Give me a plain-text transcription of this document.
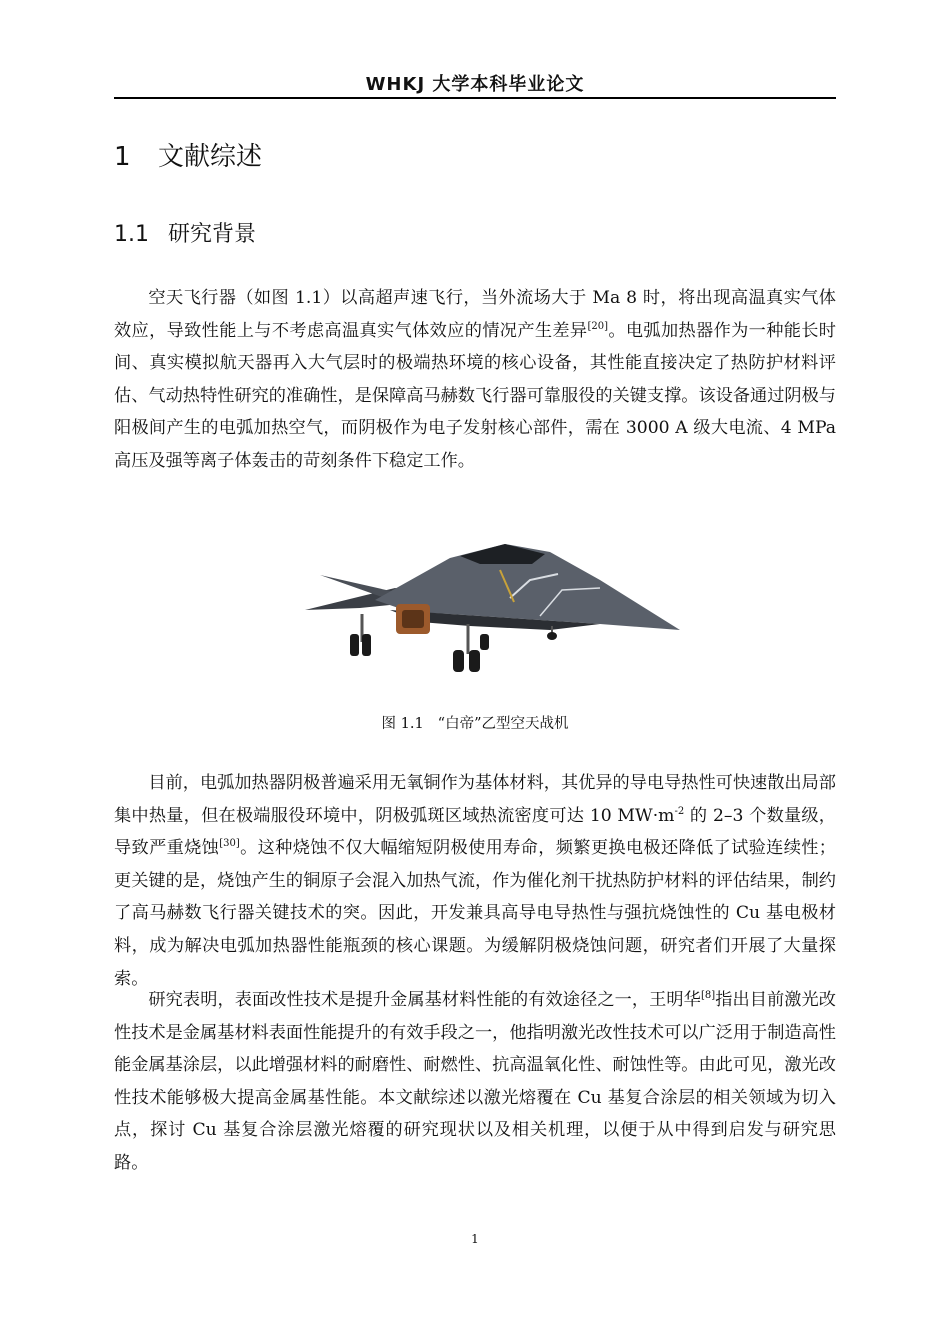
WHKJ 大学本科毕业论文
1 文献综述
1.1 研究背景

空天飞行器（如图 1.1）以高超声速飞行，当外流场大于 Ma 8 时，将出现高温真实气体效应，导致性能上与不考虑高温真实气体效应的情况产生差异[20]。电弧加热器作为一种能长时间、真实模拟航天器再入大气层时的极端热环境的核心设备，其性能直接决定了热防护材料评估、气动热特性研究的准确性，是保障高马赫数飞行器可靠服役的关键支撑。该设备通过阴极与阳极间产生的电弧加热空气，而阴极作为电子发射核心部件，需在 3000 A 级大电流、4 MPa 高压及强等离子体轰击的苛刻条件下稳定工作。

图 1.1 “白帝”乙型空天战机

目前，电弧加热器阴极普遍采用无氧铜作为基体材料，其优异的导电导热性可快速散出局部集中热量，但在极端服役环境中，阴极弧斑区域热流密度可达 10 $MW\cdot m^{-2}$ 的 2–3 个数量级，导致严重烧蚀[30]。这种烧蚀不仅大幅缩短阴极使用寿命，频繁更换电极还降低了试验连续性；更关键的是，烧蚀产生的铜原子会混入加热气流，作为催化剂干扰热防护材料的评估结果，制约了高马赫数飞行器关键技术的突。因此，开发兼具高导电导热性与强抗烧蚀性的 Cu 基电极材料，成为解决电弧加热器性能瓶颈的核心课题。为缓解阴极烧蚀问题，研究者们开展了大量探索。

研究表明，表面改性技术是提升金属基材料性能的有效途径之一，王明华[8]指出目前激光改性技术是金属基材料表面性能提升的有效手段之一，他指明激光改性技术可以广泛用于制造高性能金属基涂层，以此增强材料的耐磨性、耐燃性、抗高温氧化性、耐蚀性等。由此可见，激光改性技术能够极大提高金属基性能。本文献综述以激光熔覆在 Cu 基复合涂层的相关领域为切入点，探讨 Cu 基复合涂层激光熔覆的研究现状以及相关机理，以便于从中得到启发与研究思路。

1
